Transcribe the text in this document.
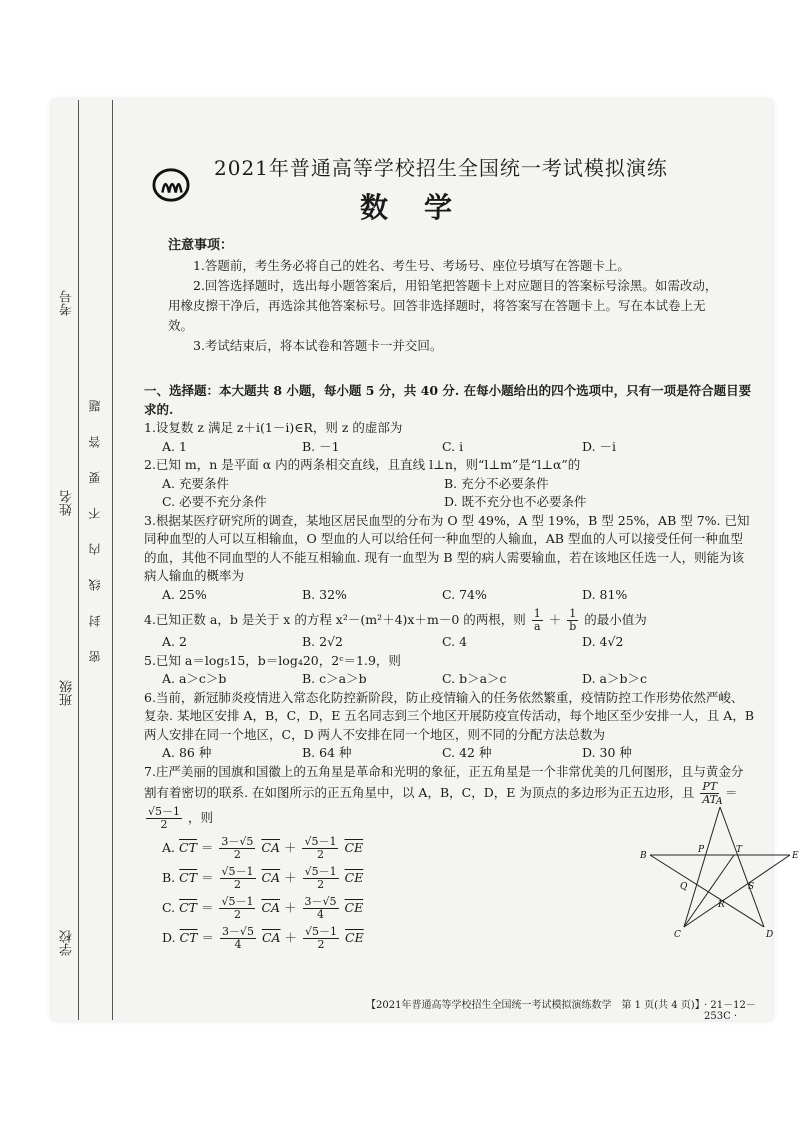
考号
姓名
班级
学校
密 封 线 内 不 要 答 题
2021年普通高等学校招生全国统一考试模拟演练
数学

注意事项：

1.答题前，考生务必将自己的姓名、考生号、考场号、座位号填写在答题卡上。

2.回答选择题时，选出每小题答案后，用铅笔把答题卡上对应题目的答案标号涂黑。如需改动，用橡皮擦干净后，再选涂其他答案标号。回答非选择题时，将答案写在答题卡上。写在本试卷上无效。

3.考试结束后，将本试卷和答题卡一并交回。

一、选择题：本大题共 8 小题，每小题 5 分，共 40 分. 在每小题给出的四个选项中，只有一项是符合题目要求的.

1.设复数 z 满足 z＋i(1－i)∈R，则 z 的虚部为

A. 1	B. －1	C. i	D. －i

2.已知 m，n 是平面 α 内的两条相交直线，且直线 l⊥n，则“l⊥m”是“l⊥α”的

A. 充要条件	B. 充分不必要条件
C. 必要不充分条件	D. 既不充分也不必要条件

3.根据某医疗研究所的调查，某地区居民血型的分布为 O 型 49%，A 型 19%，B 型 25%，AB 型 7%. 已知同种血型的人可以互相输血，O 型血的人可以给任何一种血型的人输血，AB 型血的人可以接受任何一种血型的血，其他不同血型的人不能互相输血. 现有一血型为 B 型的病人需要输血，若在该地区任选一人，则能为该病人输血的概率为

A. 25%	B. 32%	C. 74%	D. 81%

4.已知正数 a，b 是关于 x 的方程 x²－(m²＋4)x＋m－0 的两根，则 $\frac{1}{a} + \frac{1}{b}$ 的最小值为

A. 2	B. 2√2	C. 4	D. 4√2

5.已知 a＝log₅15，b＝log₄20，2ᶜ＝1.9，则

A. a＞c＞b	B. c＞a＞b	C. b＞a＞c	D. a＞b＞c

6.当前，新冠肺炎疫情进入常态化防控新阶段，防止疫情输入的任务依然繁重，疫情防控工作形势依然严峻、复杂. 某地区安排 A，B，C，D，E 五名同志到三个地区开展防疫宣传活动，每个地区至少安排一人，且 A，B 两人安排在同一个地区，C，D 两人不安排在同一个地区，则不同的分配方法总数为

A. 86 种	B. 64 种	C. 42 种	D. 30 种

7.庄严美丽的国旗和国徽上的五角星是革命和光明的象征，正五角星是一个非常优美的几何图形，且与黄金分割有着密切的联系. 在如图所示的正五角星中，以 A，B，C，D，E 为顶点的多边形为正五边形，且 $\frac{PT}{AT}$ ＝
$\frac{√5-1}{2}$ ，则

A. $\overline{CT} = \frac{3-√5}{2} \overline{CA} + \frac{√5-1}{2} \overline{CE}$
B. $\overline{CT} = \frac{√5-1}{2} \overline{CA} + \frac{√5-1}{2} \overline{CE}$
C. $\overline{CT} = \frac{√5-1}{2} \overline{CA} + \frac{3-√5}{4} \overline{CE}$
D. $\overline{CT} = \frac{3-√5}{4} \overline{CA} + \frac{√5-1}{2} \overline{CE}$
A
B
C	D
E
P	T
Q
R
S
【2021年普通高等学校招生全国统一考试模拟演练数学　第 1 页(共 4 页)】 · 21－12－253C ·
